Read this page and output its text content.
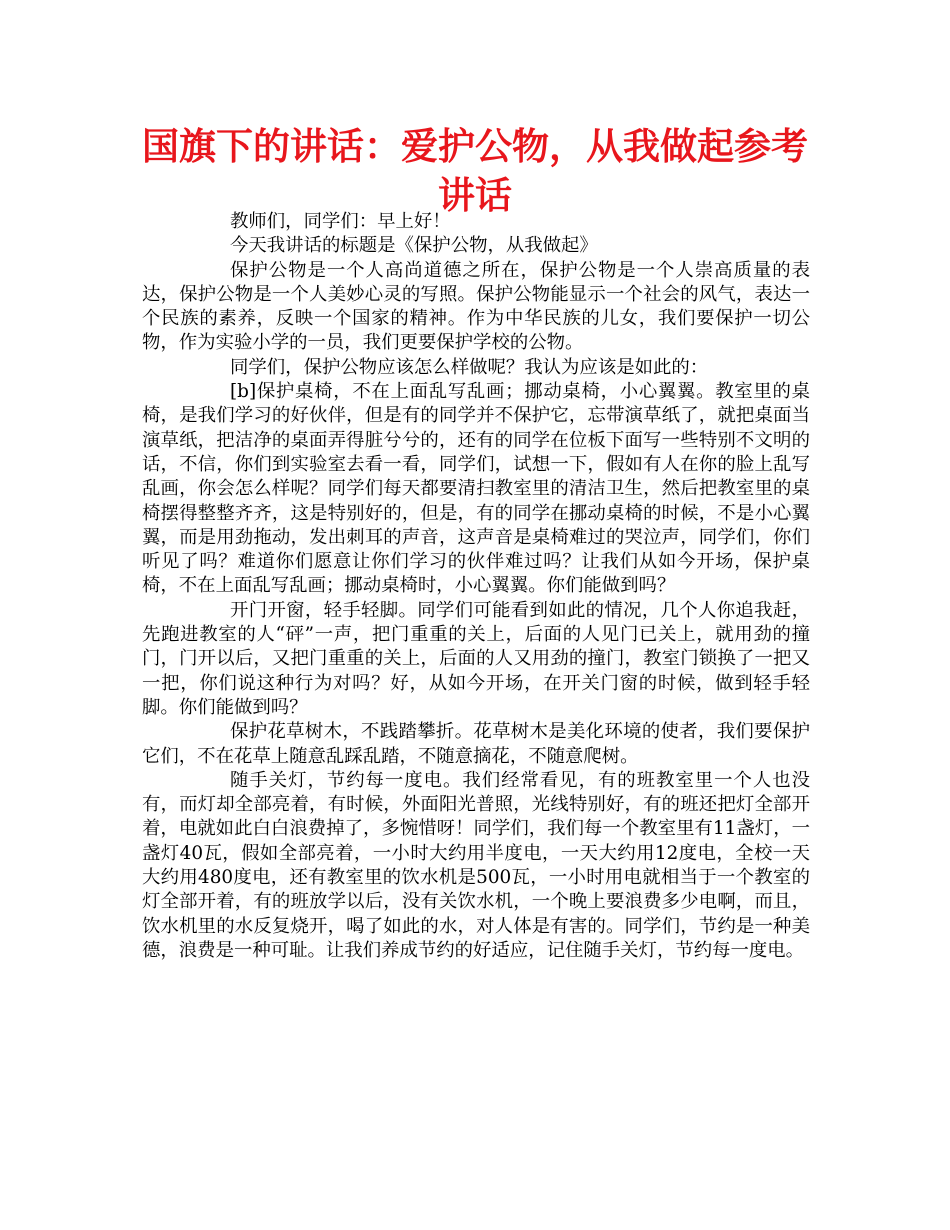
国旗下的讲话：爱护公物，从我做起参考讲话

教师们，同学们：早上好！

今天我讲话的标题是《保护公物，从我做起》

保护公物是一个人高尚道德之所在，保护公物是一个人崇高质量的表达，保护公物是一个人美妙心灵的写照。保护公物能显示一个社会的风气，表达一个民族的素养，反映一个国家的精神。作为中华民族的儿女，我们要保护一切公物，作为实验小学的一员，我们更要保护学校的公物。

同学们，保护公物应该怎么样做呢？我认为应该是如此的：

[b]保护桌椅，不在上面乱写乱画；挪动桌椅，小心翼翼。教室里的桌椅，是我们学习的好伙伴，但是有的同学并不保护它，忘带演草纸了，就把桌面当演草纸，把洁净的桌面弄得脏兮兮的，还有的同学在位板下面写一些特别不文明的话，不信，你们到实验室去看一看，同学们，试想一下，假如有人在你的脸上乱写乱画，你会怎么样呢？同学们每天都要清扫教室里的清洁卫生，然后把教室里的桌椅摆得整整齐齐，这是特别好的，但是，有的同学在挪动桌椅的时候，不是小心翼翼，而是用劲拖动，发出刺耳的声音，这声音是桌椅难过的哭泣声，同学们，你们听见了吗？难道你们愿意让你们学习的伙伴难过吗？让我们从如今开场，保护桌椅，不在上面乱写乱画；挪动桌椅时，小心翼翼。你们能做到吗？

开门开窗，轻手轻脚。同学们可能看到如此的情况，几个人你追我赶，先跑进教室的人“砰”一声，把门重重的关上，后面的人见门已关上，就用劲的撞门，门开以后，又把门重重的关上，后面的人又用劲的撞门，教室门锁换了一把又一把，你们说这种行为对吗？好，从如今开场，在开关门窗的时候，做到轻手轻脚。你们能做到吗？

保护花草树木，不践踏攀折。花草树木是美化环境的使者，我们要保护它们，不在花草上随意乱踩乱踏，不随意摘花，不随意爬树。

随手关灯，节约每一度电。我们经常看见，有的班教室里一个人也没有，而灯却全部亮着，有时候，外面阳光普照，光线特别好，有的班还把灯全部开着，电就如此白白浪费掉了，多惋惜呀！同学们，我们每一个教室里有11盏灯，一盏灯40瓦，假如全部亮着，一小时大约用半度电，一天大约用12度电，全校一天大约用480度电，还有教室里的饮水机是500瓦，一小时用电就相当于一个教室的灯全部开着，有的班放学以后，没有关饮水机，一个晚上要浪费多少电啊，而且，饮水机里的水反复烧开，喝了如此的水，对人体是有害的。同学们，节约是一种美德，浪费是一种可耻。让我们养成节约的好适应，记住随手关灯，节约每一度电。
